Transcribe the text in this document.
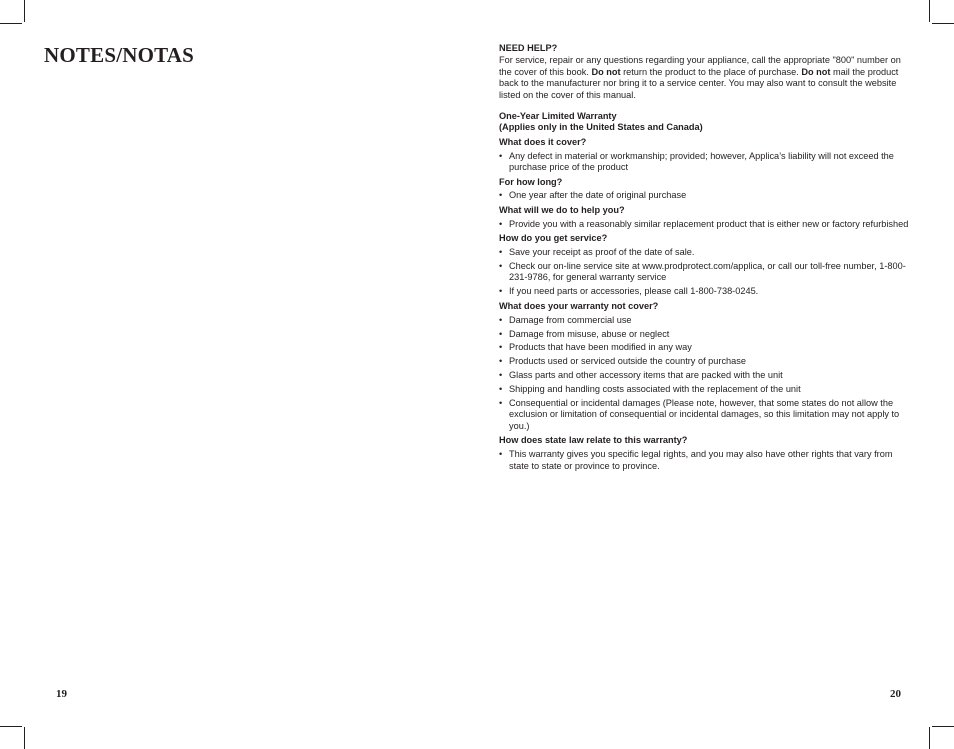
NOTES/NOTAS
19
NEED HELP?

For service, repair or any questions regarding your appliance, call the appropriate "800" number on the cover of this book. Do not return the product to the place of purchase. Do not mail the product back to the manufacturer nor bring it to a service center. You may also want to consult the website listed on the cover of this manual.

One-Year Limited Warranty
(Applies only in the United States and Canada)
What does it cover?
• Any defect in material or workmanship; provided; however, Applica’s liability will not exceed the purchase price of the product
For how long?
• One year after the date of original purchase
What will we do to help you?
• Provide you with a reasonably similar replacement product that is either new or factory refurbished
How do you get service?
• Save your receipt as proof of the date of sale.
• Check our on-line service site at www.prodprotect.com/applica, or call our toll-free number, 1-800-231-9786, for general warranty service
• If you need parts or accessories, please call 1-800-738-0245.
What does your warranty not cover?
• Damage from commercial use
• Damage from misuse, abuse or neglect
• Products that have been modified in any way
• Products used or serviced outside the country of purchase
• Glass parts and other accessory items that are packed with the unit
• Shipping and handling costs associated with the replacement of the unit
• Consequential or incidental damages (Please note, however, that some states do not allow the exclusion or limitation of consequential or incidental damages, so this limitation may not apply to you.)
How does state law relate to this warranty?
• This warranty gives you specific legal rights, and you may also have other rights that vary from state to state or province to province.
20
